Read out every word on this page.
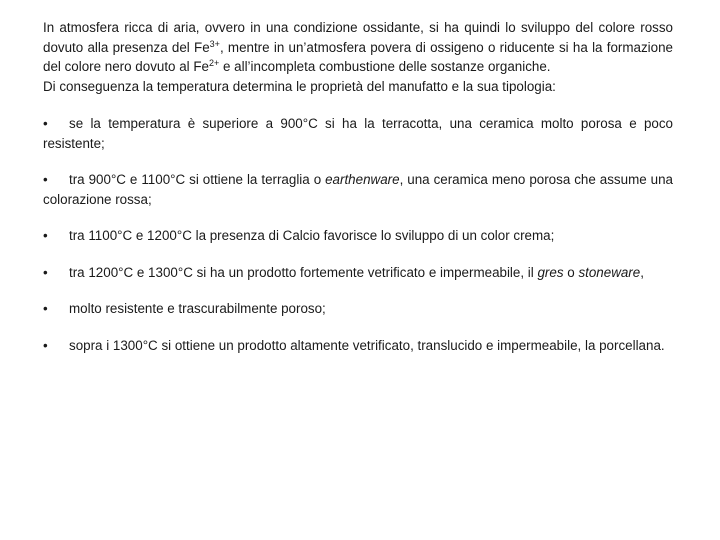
In atmosfera ricca di aria, ovvero in una condizione ossidante, si ha quindi lo sviluppo del colore rosso dovuto alla presenza del $Fe^{3+}$, mentre in un’atmosfera povera di ossigeno o riducente si ha la formazione del colore nero dovuto al $Fe^{2+}$ e all’incompleta combustione delle sostanze organiche.

Di conseguenza la temperatura determina le proprietà del manufatto e la sua tipologia:

• se la temperatura è superiore a 900°C si ha la terracotta, una ceramica molto porosa e poco resistente;
• tra 900°C e 1100°C si ottiene la terraglia o earthenware, una ceramica meno porosa che assume una colorazione rossa;
• tra 1100°C e 1200°C la presenza di Calcio favorisce lo sviluppo di un color crema;
• tra 1200°C e 1300°C si ha un prodotto fortemente vetrificato e impermeabile, il gres o stoneware,
• molto resistente e trascurabilmente poroso;
• sopra i 1300°C si ottiene un prodotto altamente vetrificato, translucido e impermeabile, la porcellana.
